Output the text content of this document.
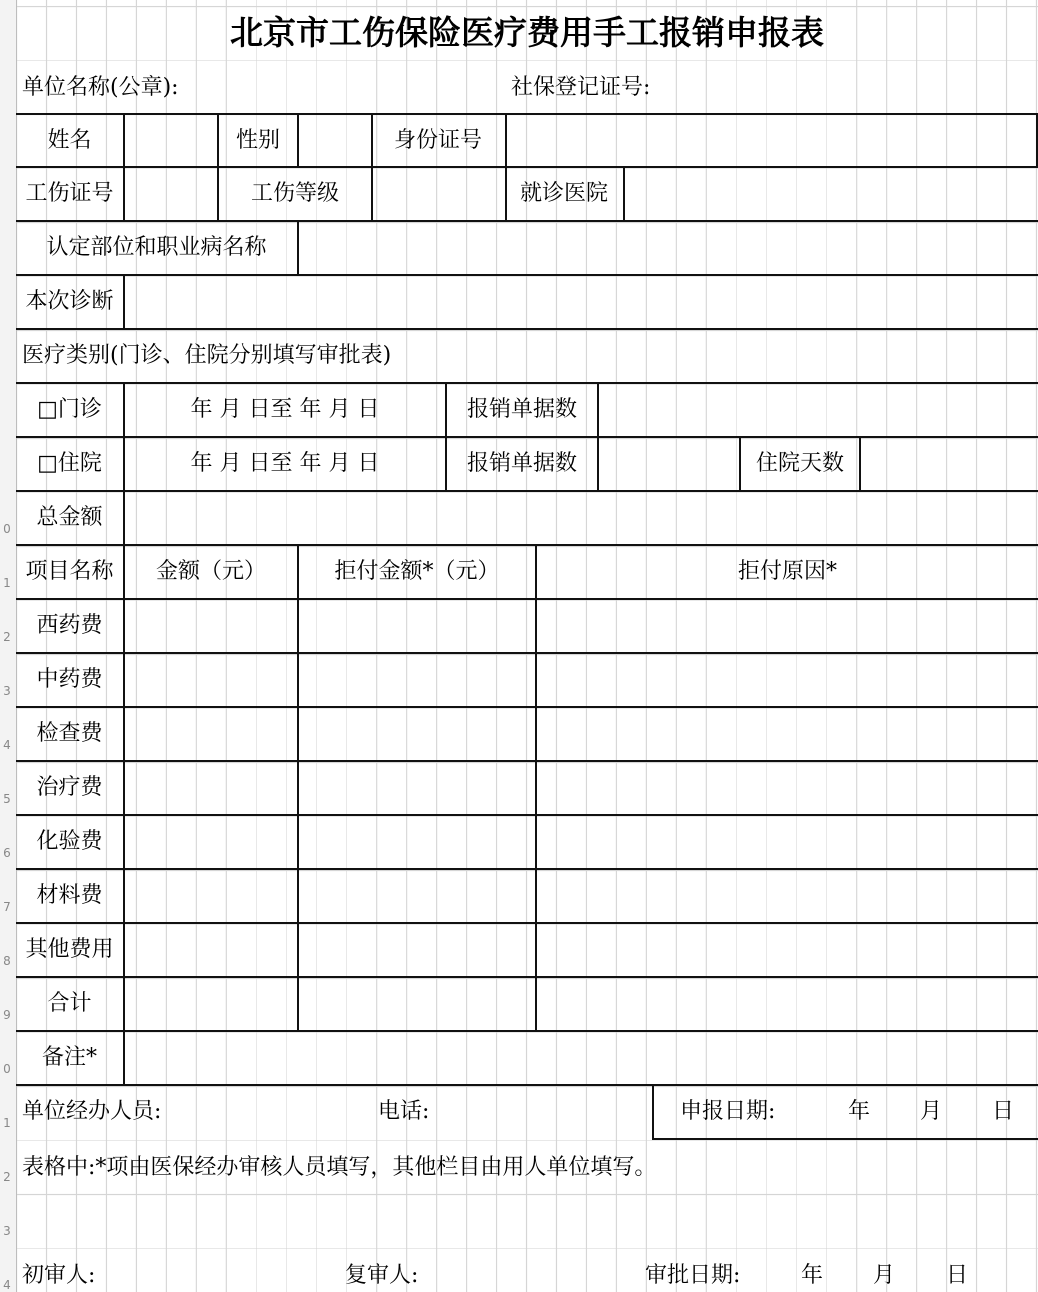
0
1
2
3
4
5
6
7
8
9
0
1
2
3
4
北京市工伤保险医疗费用手工报销申报表
单位名称(公章):	社保登记证号:
姓名	性别	身份证号
工伤证号	工伤等级	就诊医院
认定部位和职业病名称
本次诊断
医疗类别(门诊、住院分别填写审批表)
□门诊	年 月 日至 年 月 日	报销单据数
□住院	年 月 日至 年 月 日	报销单据数	住院天数
总金额
项目名称	金额（元）	拒付金额*（元）	拒付原因*
西药费
中药费
检查费
治疗费
化验费
材料费
其他费用
合计
备注*
单位经办人员:	电话:	申报日期:	年 月 日
表格中:*项由医保经办审核人员填写，其他栏目由用人单位填写。
初审人:	复审人:	审批日期:	年 月 日
